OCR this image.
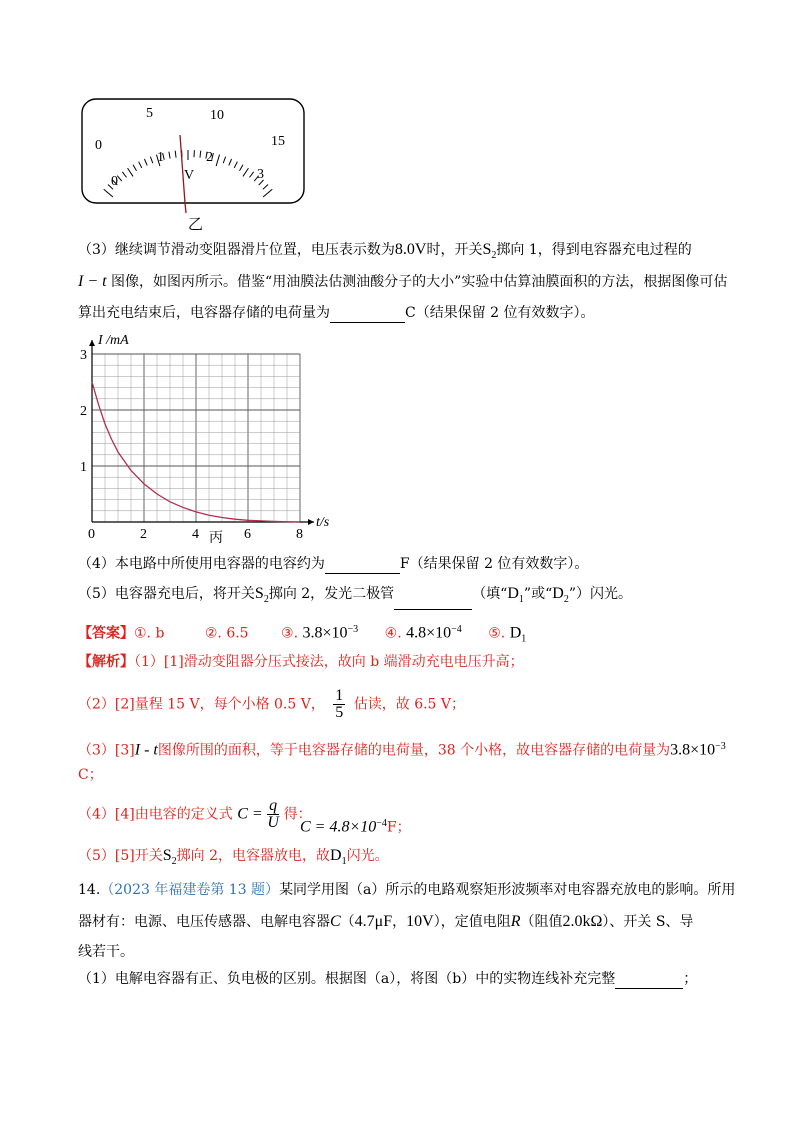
0
5	10
15
0
1	2
3
V
乙
（3）继续调节滑动变阻器滑片位置，电压表示数为8.0V时，开关$S_2$掷向 1，得到电容器充电过程的
I − t 图像，如图丙所示。借鉴“用油膜法估测油酸分子的大小”实验中估算油膜面积的方法，根据图像可估
算出充电结束后，电容器存储的电荷量为	C（结果保留 2 位有效数字）。
0	2	4	6	8
1
2
3
I /mA
t/s
丙
（4）本电路中所使用电容器的电容约为	F（结果保留 2 位有效数字）。
（5）电容器充电后，将开关$S_2$掷向 2，发光二极管	（填“$D_1$”或“$D_2$”）闪光。
【答案】①. b	②. 6.5 ③. $3.8\times 10^{-3}$ ④. $4.8\times 10^{-4}$ ⑤. $D_1$
【解析】（1）[1]滑动变阻器分压式接法，故向 b 端滑动充电电压升高；
（2）[2]量程 15 V，每个小格 0.5 V， $\frac{1}{5}$ 估读，故 6.5 V；
（3）[3]I - t图像所围的面积，等于电容器存储的电荷量，38 个小格，故电容器存储的电荷量为$3.8\times 10^{-3}$
C；
（4）[4]由电容的定义式 $C = \frac{q}{U}$ 得：
$C = 4.8\times 10^{-4}F$；
（5）[5]开关$S_2$掷向 2，电容器放电，故$D_1$闪光。
14.（2023 年福建卷第 13 题）某同学用图（a）所示的电路观察矩形波频率对电容器充放电的影响。所用
器材有：电源、电压传感器、电解电容器C（4.7μF，10V），定值电阻R（阻值2.0kΩ）、开关 S、导
线若干。
（1）电解电容器有正、负电极的区别。根据图（a），将图（b）中的实物连线补充完整	；
